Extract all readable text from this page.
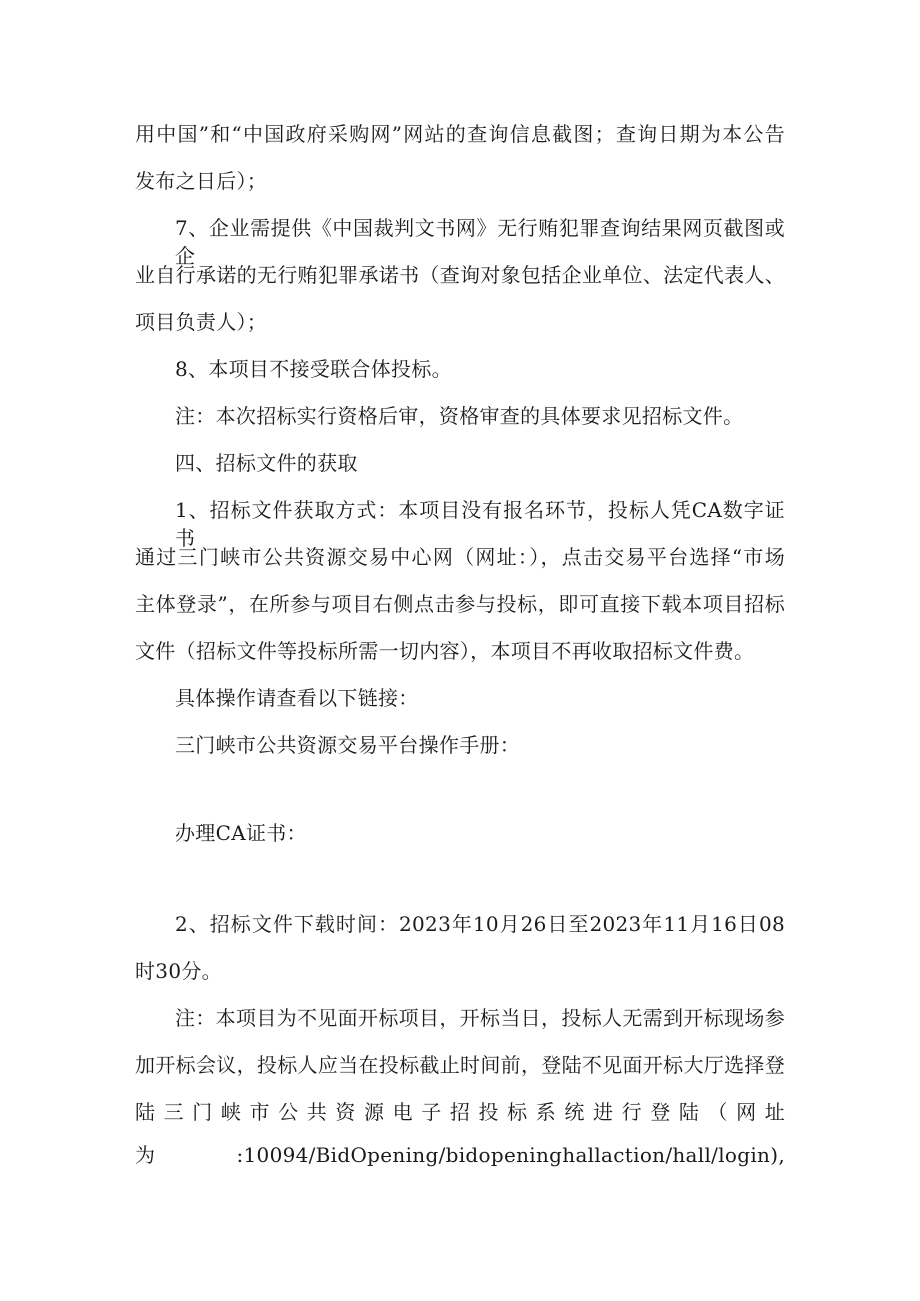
用中国”和“中国政府采购网”网站的查询信息截图；查询日期为本公告
发布之日后）；
7、企业需提供《中国裁判文书网》无行贿犯罪查询结果网页截图或企
业自行承诺的无行贿犯罪承诺书（查询对象包括企业单位、法定代表人、
项目负责人）；
8、本项目不接受联合体投标。
注：本次招标实行资格后审，资格审查的具体要求见招标文件。
四、招标文件的获取
1、招标文件获取方式：本项目没有报名环节，投标人凭CA数字证书
通过三门峡市公共资源交易中心网（网址：），点击交易平台选择“市场
主体登录”，在所参与项目右侧点击参与投标，即可直接下载本项目招标
文件（招标文件等投标所需一切内容），本项目不再收取招标文件费。
具体操作请查看以下链接：
三门峡市公共资源交易平台操作手册：
办理CA证书：
2、招标文件下载时间：2023年10月26日至2023年11月16日08
时30分。
注：本项目为不见面开标项目，开标当日，投标人无需到开标现场参
加开标会议，投标人应当在投标截止时间前，登陆不见面开标大厅选择登
陆三门峡市公共资源电子招投标系统进行登陆（网址
为:10094/BidOpening/bidopeninghallaction/hall/login),
